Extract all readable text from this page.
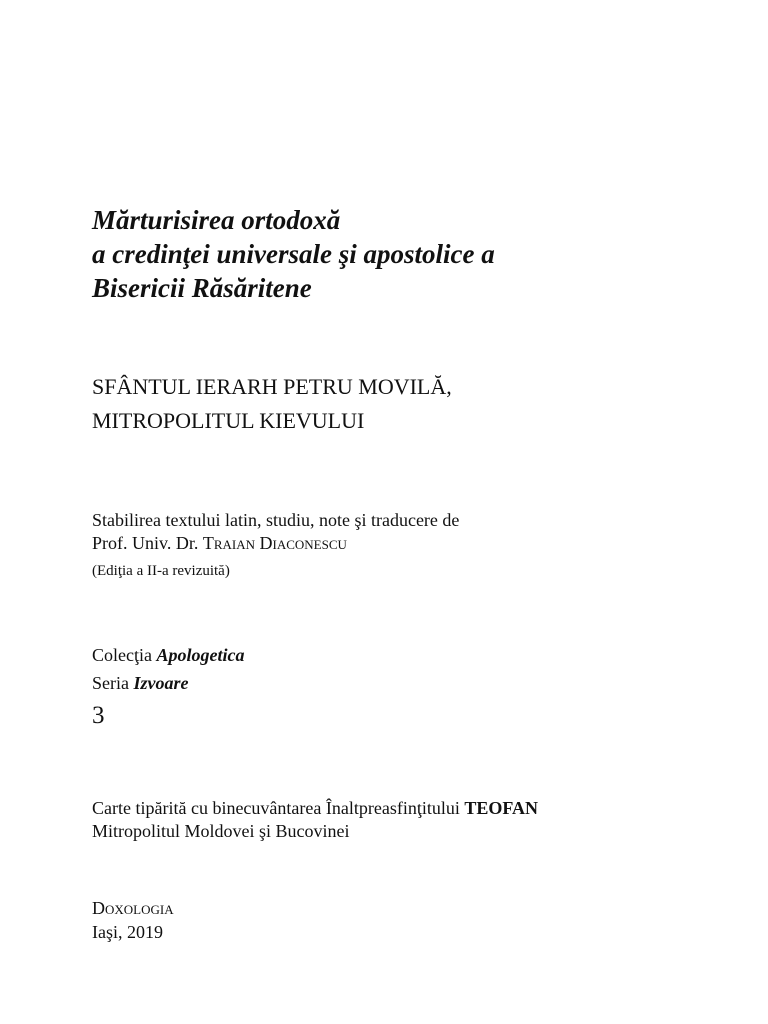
Mărturisirea ortodoxă
a credinţei universale şi apostolice a
Bisericii Răsăritene
SFÂNTUL IERARH PETRU MOVILĂ,
MITROPOLITUL KIEVULUI
Stabilirea textului latin, studiu, note şi traducere de
Prof. Univ. Dr. Traian Diaconescu
(Ediţia a II-a revizuită)
Colecţia Apologetica
Seria Izvoare
3
Carte tipărită cu binecuvântarea Înaltpreasfinţitului TEOFAN
Mitropolitul Moldovei şi Bucovinei
Doxologia
Iaşi, 2019
